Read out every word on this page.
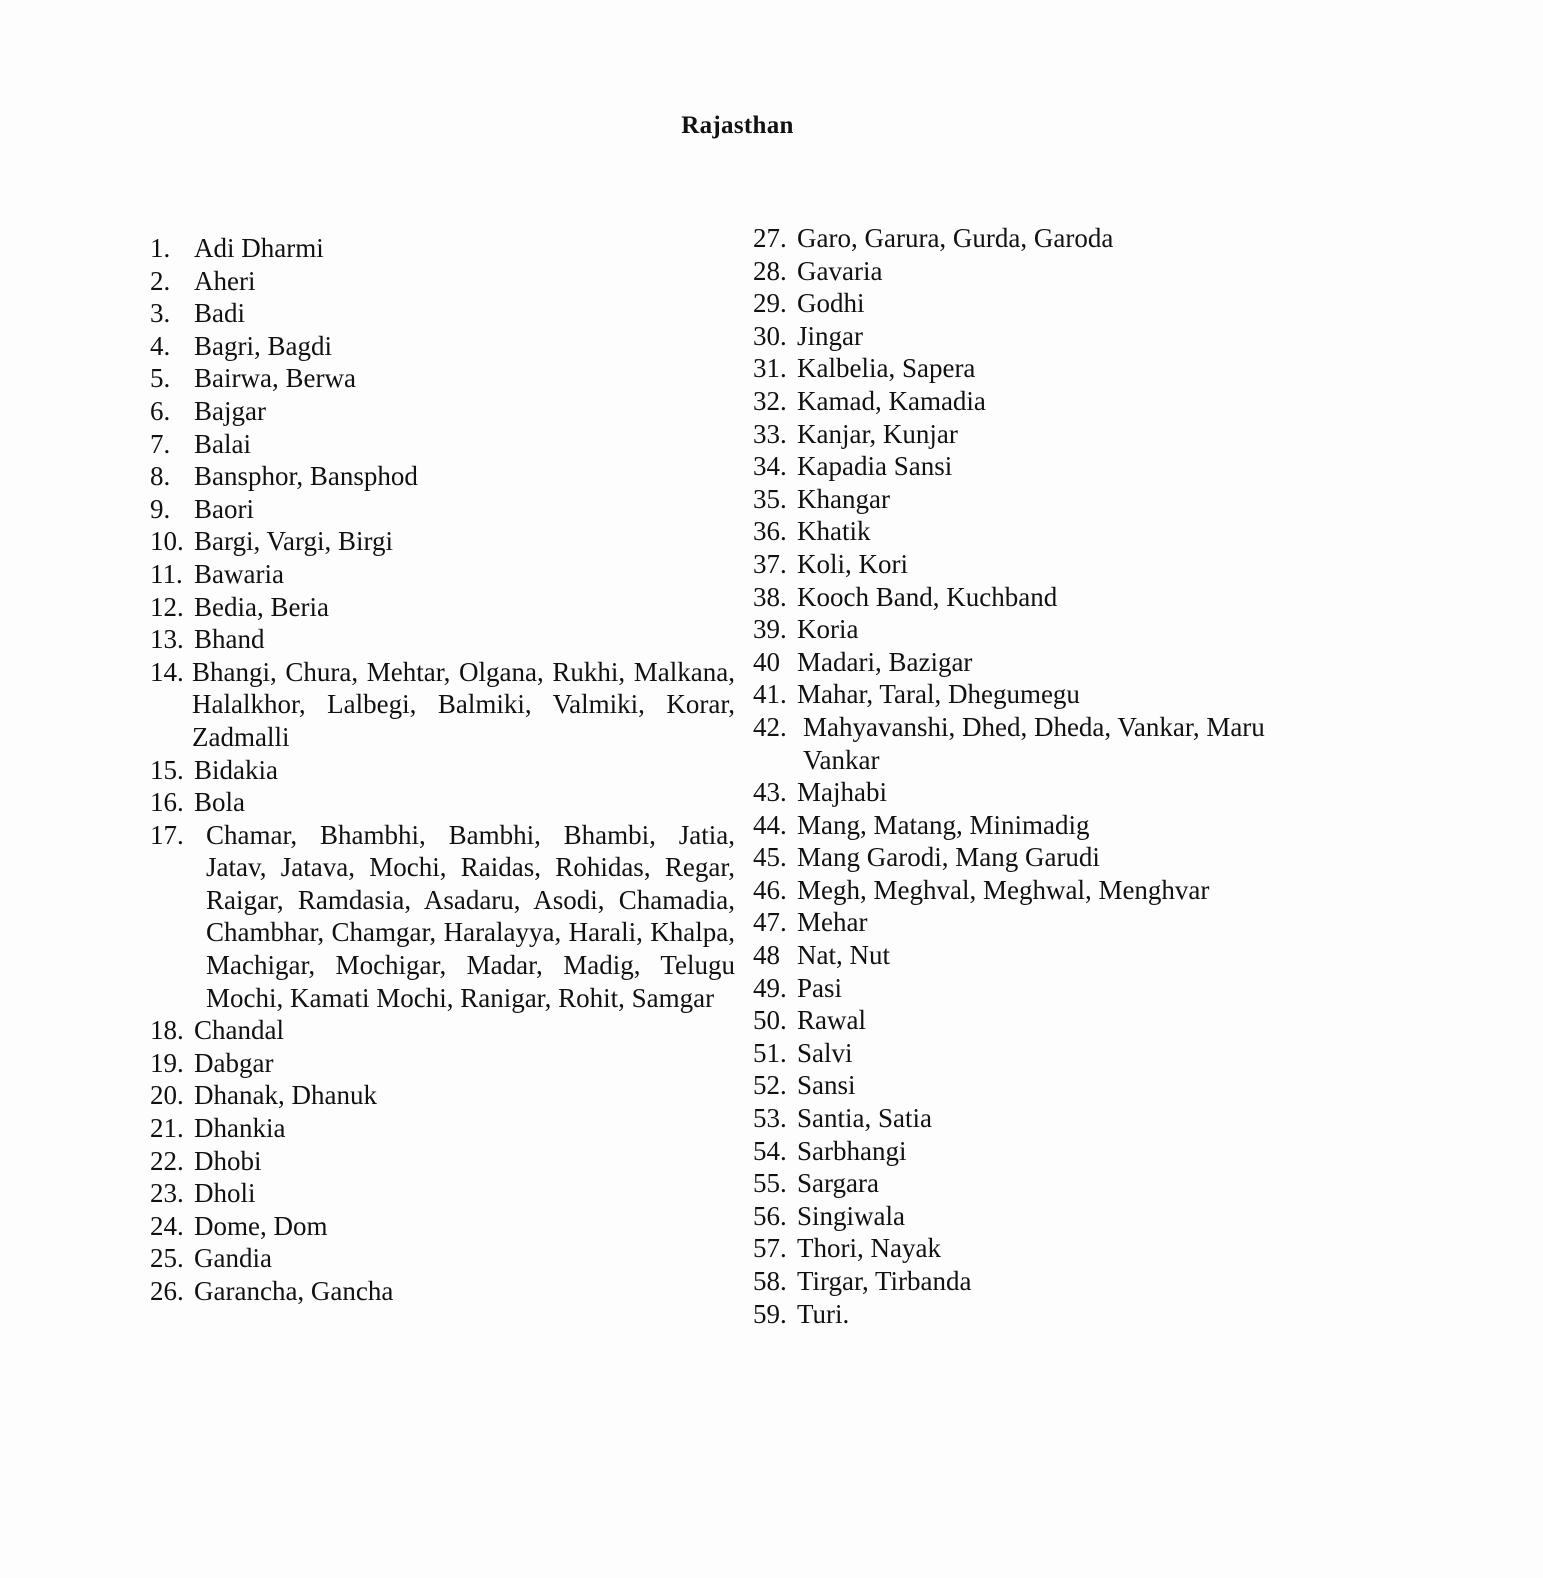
Rajasthan
1. Adi Dharmi
2. Aheri
3. Badi
4. Bagri, Bagdi
5. Bairwa, Berwa
6. Bajgar
7. Balai
8. Bansphor, Bansphod
9. Baori
10. Bargi, Vargi, Birgi
11. Bawaria
12. Bedia, Beria
13. Bhand
14. Bhangi, Chura, Mehtar, Olgana, Rukhi, Malkana, Halalkhor, Lalbegi, Balmiki, Valmiki, Korar, Zadmalli
15. Bidakia
16. Bola
17. Chamar, Bhambhi, Bambhi, Bhambi, Jatia, Jatav, Jatava, Mochi, Raidas, Rohidas, Regar, Raigar, Ramdasia, Asadaru, Asodi, Chamadia, Chambhar, Chamgar, Haralayya, Harali, Khalpa, Machigar, Mochigar, Madar, Madig, Telugu Mochi, Kamati Mochi, Ranigar, Rohit, Samgar
18. Chandal
19. Dabgar
20. Dhanak, Dhanuk
21. Dhankia
22. Dhobi
23. Dholi
24. Dome, Dom
25. Gandia
26. Garancha, Gancha
27. Garo, Garura, Gurda, Garoda
28. Gavaria
29. Godhi
30. Jingar
31. Kalbelia, Sapera
32. Kamad, Kamadia
33. Kanjar, Kunjar
34. Kapadia Sansi
35. Khangar
36. Khatik
37. Koli, Kori
38. Kooch Band, Kuchband
39. Koria
40 Madari, Bazigar
41. Mahar, Taral, Dhegumegu
42. Mahyavanshi, Dhed, Dheda, Vankar, Maru Vankar
43. Majhabi
44. Mang, Matang, Minimadig
45. Mang Garodi, Mang Garudi
46. Megh, Meghval, Meghwal, Menghvar
47. Mehar
48 Nat, Nut
49. Pasi
50. Rawal
51. Salvi
52. Sansi
53. Santia, Satia
54. Sarbhangi
55. Sargara
56. Singiwala
57. Thori, Nayak
58. Tirgar, Tirbanda
59. Turi.
